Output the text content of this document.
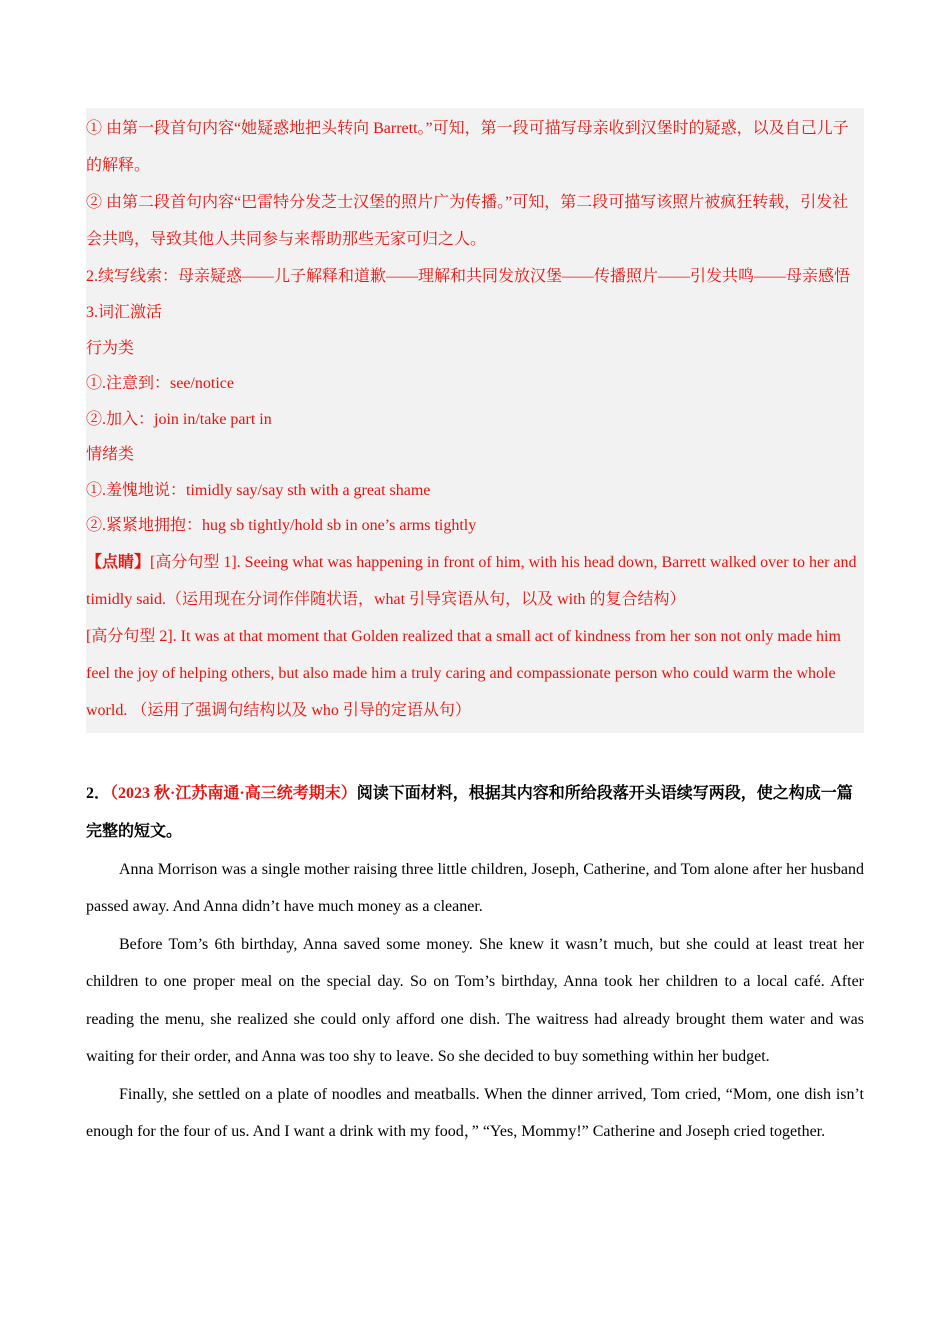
① 由第一段首句内容“她疑惑地把头转向 Barrett。”可知，第一段可描写母亲收到汉堡时的疑惑，以及自己儿子的解释。

② 由第二段首句内容“巴雷特分发芝士汉堡的照片广为传播。”可知，第二段可描写该照片被疯狂转载，引发社会共鸣，导致其他人共同参与来帮助那些无家可归之人。

2.续写线索：母亲疑惑——儿子解释和道歉——理解和共同发放汉堡——传播照片——引发共鸣——母亲感悟

3.词汇激活

行为类

①.注意到：see/notice

②.加入：join in/take part in

情绪类

①.羞愧地说：timidly say/say sth with a great shame

②.紧紧地拥抱：hug sb tightly/hold sb in one’s arms tightly

【点睛】[高分句型 1]. Seeing what was happening in front of him, with his head down, Barrett walked over to her and timidly said.（运用现在分词作伴随状语，what 引导宾语从句，以及 with 的复合结构）

[高分句型 2]. It was at that moment that Golden realized that a small act of kindness from her son not only made him feel the joy of helping others, but also made him a truly caring and compassionate person who could warm the whole world. （运用了强调句结构以及 who 引导的定语从句）

2．（2023 秋·江苏南通·高三统考期末）阅读下面材料，根据其内容和所给段落开头语续写两段，使之构成一篇完整的短文。

Anna Morrison was a single mother raising three little children, Joseph, Catherine, and Tom alone after her husband passed away. And Anna didn’t have much money as a cleaner.

Before Tom’s 6th birthday, Anna saved some money. She knew it wasn’t much, but she could at least treat her children to one proper meal on the special day. So on Tom’s birthday, Anna took her children to a local café. After reading the menu, she realized she could only afford one dish. The waitress had already brought them water and was waiting for their order, and Anna was too shy to leave. So she decided to buy something within her budget.

Finally, she settled on a plate of noodles and meatballs. When the dinner arrived, Tom cried, “Mom, one dish isn’t enough for the four of us. And I want a drink with my food，” “Yes, Mommy!” Catherine and Joseph cried together.
